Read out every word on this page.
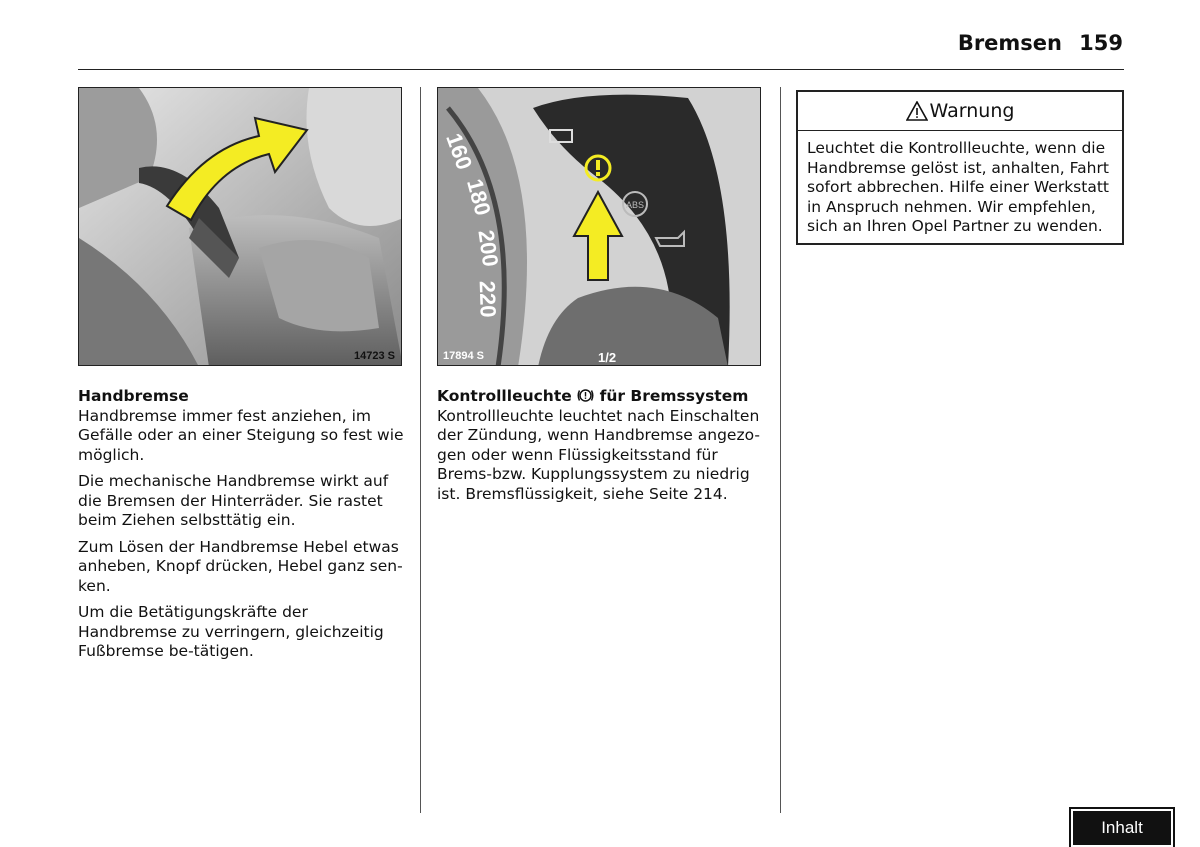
Bremsen 159
14723 S
160
180
200
220
ABS
1/2
17894 S
Handbremse

Handbremse immer fest anziehen, im Gefälle oder an einer Steigung so fest wie möglich.

Die mechanische Handbremse wirkt auf die Bremsen der Hinterräder. Sie rastet beim Ziehen selbsttätig ein.

Zum Lösen der Handbremse Hebel etwas anheben, Knopf drücken, Hebel ganz sen-ken.

Um die Betätigungskräfte der Handbremse zu verringern, gleichzeitig Fußbremse be-tätigen.

Kontrollleuchte für Bremssystem

Kontrollleuchte leuchtet nach Einschalten der Zündung, wenn Handbremse angezo-gen oder wenn Flüssigkeitsstand für Brems-bzw. Kupplungssystem zu niedrig ist. Bremsflüssigkeit, siehe Seite 214.

Warnung
Leuchtet die Kontrollleuchte, wenn die Handbremse gelöst ist, anhalten, Fahrt sofort abbrechen. Hilfe einer Werkstatt in Anspruch nehmen. Wir empfehlen, sich an Ihren Opel Partner zu wenden.
Inhalt
